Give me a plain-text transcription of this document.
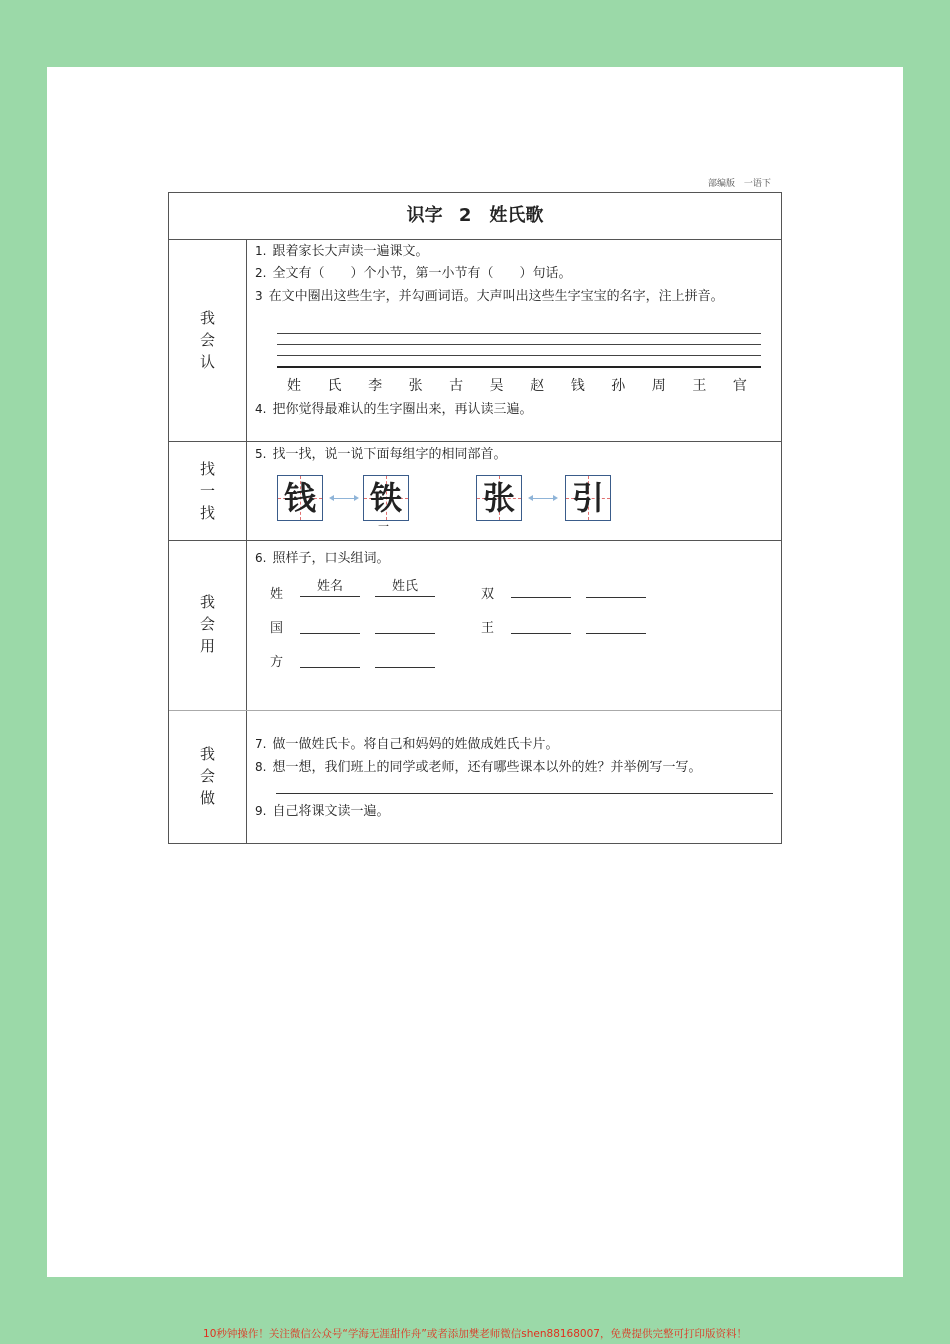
部编版 一语下
识字 2　姓氏歌
我
会
认
1. 跟着家长大声读一遍课文。
2. 全文有（　　）个小节，第一小节有（　　）句话。
3 在文中圈出这些生字，并勾画词语。大声叫出这些生字宝宝的名字，注上拼音。
姓 氏 李 张 古 吴 赵 钱 孙 周 王 官
4. 把你觉得最难认的生字圈出来，再认读三遍。
找
一
找
5. 找一找，说一说下面每组字的相同部首。
钱 铁
一
张 引
我
会
用
6. 照样子，口头组词。
姓
姓名	姓氏
双
国	王
方
我
会
做
7. 做一做姓氏卡。将自己和妈妈的姓做成姓氏卡片。
8. 想一想，我们班上的同学或老师，还有哪些课本以外的姓？并举例写一写。
9. 自己将课文读一遍。
10秒钟操作！关注微信公众号“学海无涯甜作舟”或者添加樊老师微信shen88168007，免费提供完整可打印版资料！
